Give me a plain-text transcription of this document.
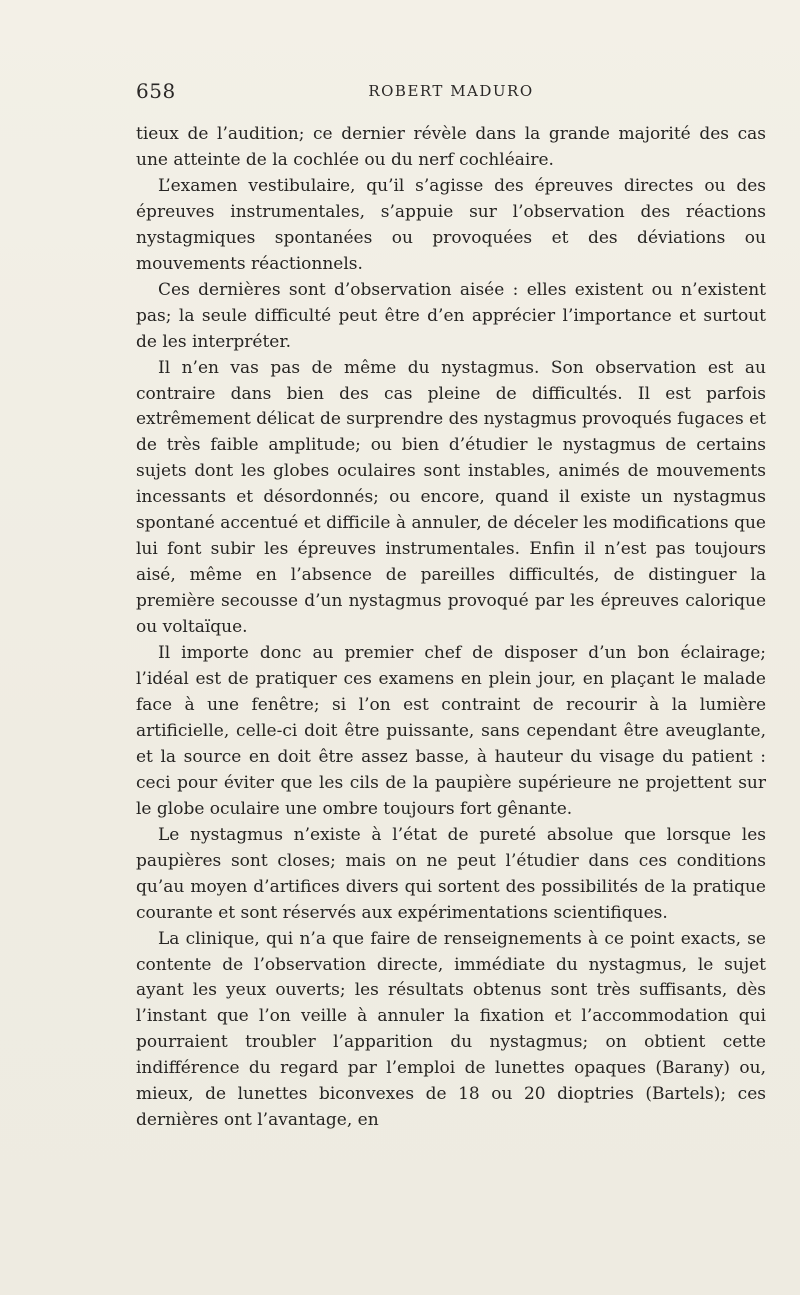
658	ROBERT MADURO

tieux de l’audition; ce dernier révèle dans la grande majorité des cas une atteinte de la cochlée ou du nerf cochléaire.

L’examen vestibulaire, qu’il s’agisse des épreuves directes ou des épreuves instrumentales, s’appuie sur l’observation des réactions nystagmiques spontanées ou provoquées et des déviations ou mouvements réactionnels.

Ces dernières sont d’observation aisée : elles existent ou n’existent pas; la seule difficulté peut être d’en apprécier l’importance et surtout de les interpréter.

Il n’en vas pas de même du nystagmus. Son observation est au contraire dans bien des cas pleine de difficultés. Il est parfois extrêmement délicat de surprendre des nystagmus provoqués fugaces et de très faible amplitude; ou bien d’étudier le nystagmus de certains sujets dont les globes oculaires sont instables, animés de mouvements incessants et désordonnés; ou encore, quand il existe un nystagmus spontané accentué et difficile à annuler, de déceler les modifications que lui font subir les épreuves instrumentales. Enfin il n’est pas toujours aisé, même en l’absence de pareilles difficultés, de distinguer la première secousse d’un nystagmus provoqué par les épreuves calorique ou voltaïque.

Il importe donc au premier chef de disposer d’un bon éclairage; l’idéal est de pratiquer ces examens en plein jour, en plaçant le malade face à une fenêtre; si l’on est contraint de recourir à la lumière artificielle, celle-ci doit être puissante, sans cependant être aveuglante, et la source en doit être assez basse, à hauteur du visage du patient : ceci pour éviter que les cils de la paupière supérieure ne projettent sur le globe oculaire une ombre toujours fort gênante.

Le nystagmus n’existe à l’état de pureté absolue que lorsque les paupières sont closes; mais on ne peut l’étudier dans ces conditions qu’au moyen d’artifices divers qui sortent des possibilités de la pratique courante et sont réservés aux expérimentations scientifiques.

La clinique, qui n’a que faire de renseignements à ce point exacts, se contente de l’observation directe, immédiate du nystagmus, le sujet ayant les yeux ouverts; les résultats obtenus sont très suffisants, dès l’instant que l’on veille à annuler la fixation et l’accommodation qui pourraient troubler l’apparition du nystagmus; on obtient cette indifférence du regard par l’emploi de lunettes opaques (Barany) ou, mieux, de lunettes biconvexes de 18 ou 20 dioptries (Bartels); ces dernières ont l’avantage, en
